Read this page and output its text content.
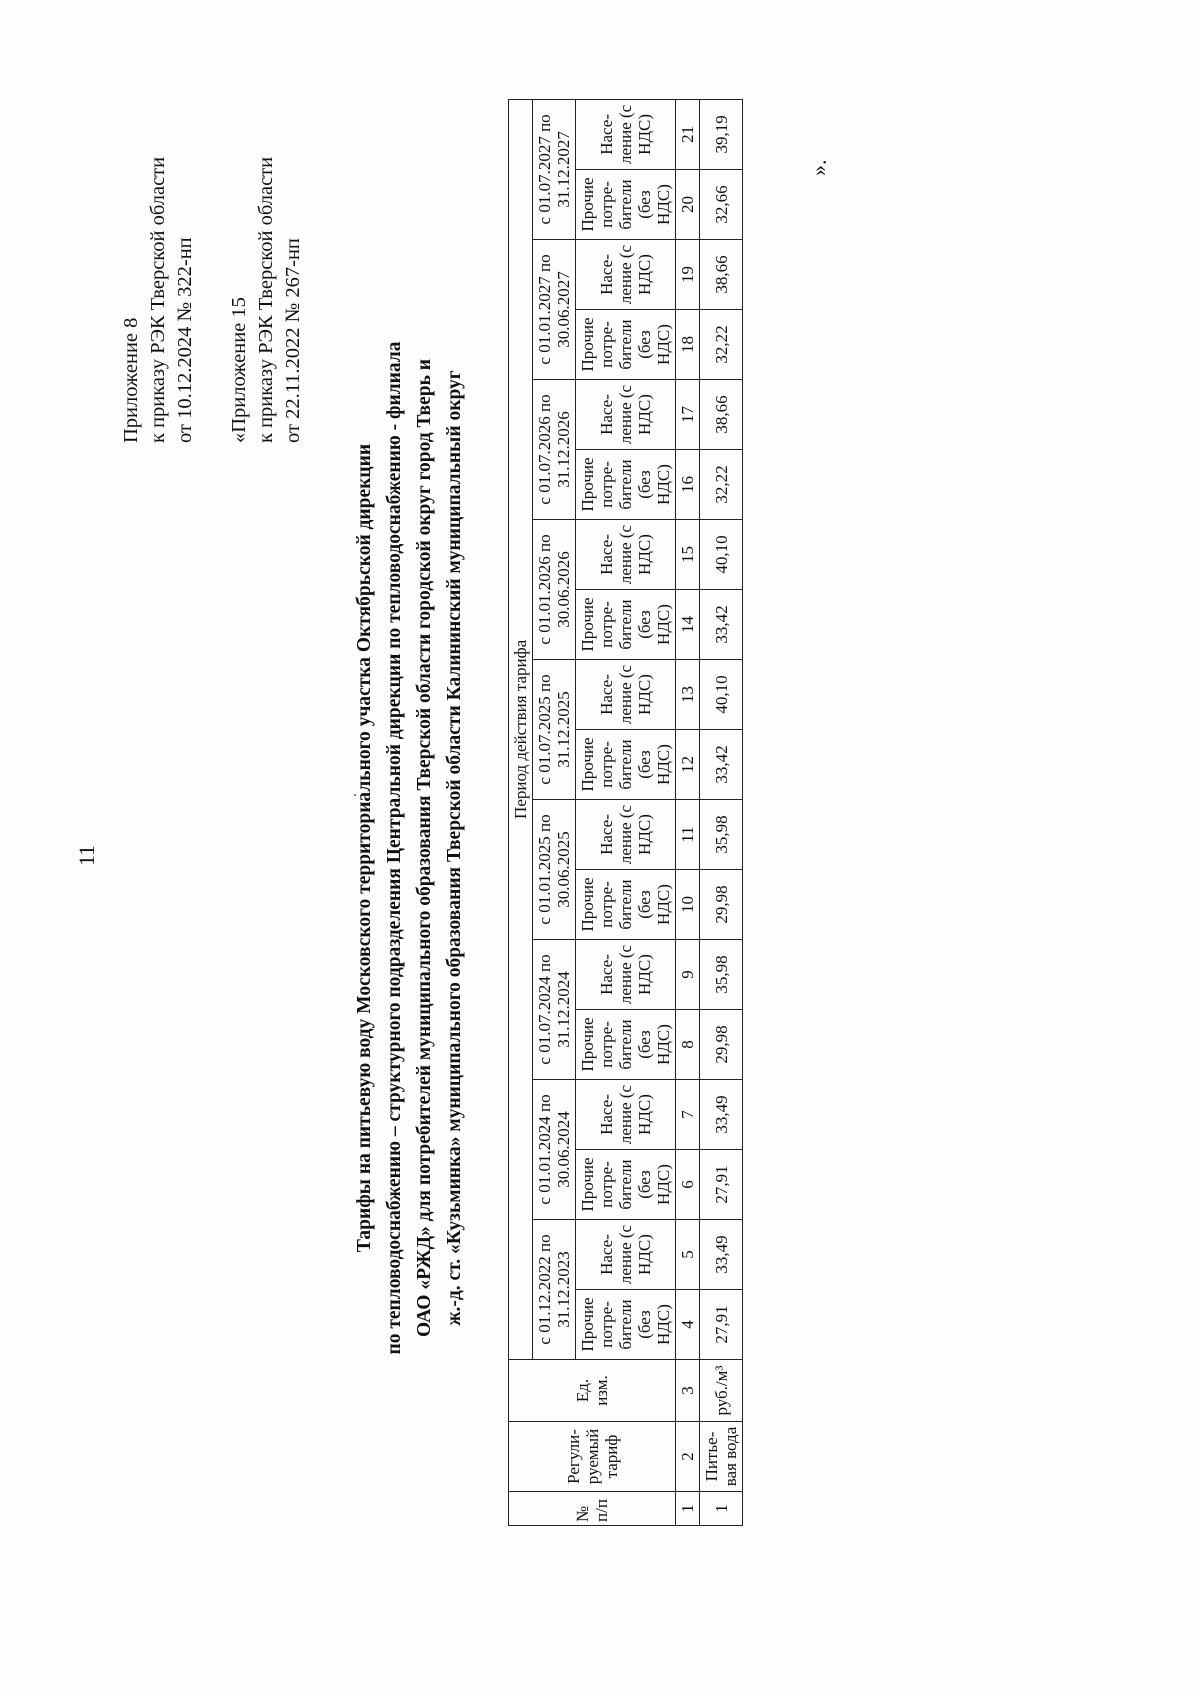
11
Приложение 8 к приказу РЭК Тверской области от 10.12.2024 № 322-нп «Приложение 15 к приказу РЭК Тверской области от 22.11.2022 № 267-нп
Тарифы на питьевую воду Московского территориального участка Октябрьской дирекции по тепловодоснабжению – структурного подразделения Центральной дирекции по тепловодоснабжению - филиала ОАО «РЖД» для потребителей муниципального образования Тверской области городской округ город Тверь и ж.-д. ст. «Кузьминка» муниципального образования Тверской области Калининский муниципальный округ
№ п/п	Регули-руемый тариф	Ед. изм.	Период действия тарифа																	
			с 01.12.2022 по 31.12.2023		с 01.01.2024 по 30.06.2024		с 01.07.2024 по 31.12.2024		с 01.01.2025 по 30.06.2025		с 01.07.2025 по 31.12.2025		с 01.01.2026 по 30.06.2026		с 01.07.2026 по 31.12.2026		с 01.01.2027 по 30.06.2027		с 01.07.2027 по 31.12.2027	
			Прочие потре-бители (без НДС)	Насе-ление (с НДС)	Прочие потре-бители (без НДС)	Насе-ление (с НДС)	Прочие потре-бители (без НДС)	Насе-ление (с НДС)	Прочие потре-бители (без НДС)	Насе-ление (с НДС)	Прочие потре-бители (без НДС)	Насе-ление (с НДС)	Прочие потре-бители (без НДС)	Насе-ление (с НДС)	Прочие потре-бители (без НДС)	Насе-ление (с НДС)	Прочие потре-бители (без НДС)	Насе-ление (с НДС)	Прочие потре-бители (без НДС)	Насе-ление (с НДС)
1	2	3	4	5	6	7	8	9	10	11	12	13	14	15	16	17	18	19	20	21
1	Питье-вая вода	руб./м³	27,91	33,49	27,91	33,49	29,98	35,98	29,98	35,98	33,42	40,10	33,42	40,10	32,22	38,66	32,22	38,66	32,66	39,19
».
